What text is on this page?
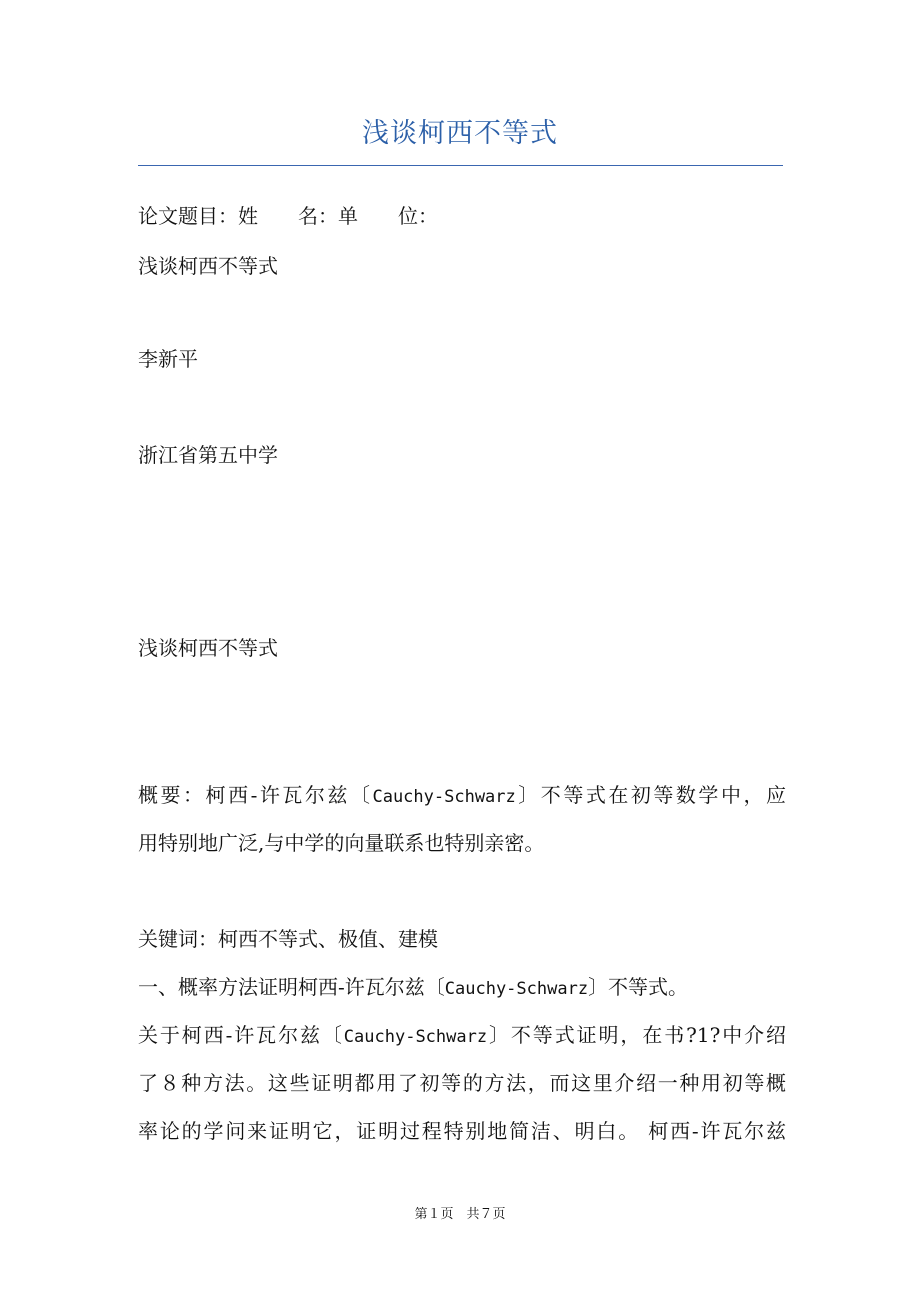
浅谈柯西不等式

论文题目：姓　　名：单　　位：

浅谈柯西不等式

李新平

浙江省第五中学

浅谈柯西不等式

概要：柯西-许瓦尔兹〔Cauchy-Schwarz〕不等式在初等数学中，应

用特别地广泛,与中学的向量联系也特别亲密。

关键词：柯西不等式、极值、建模

一、概率方法证明柯西-许瓦尔兹〔Cauchy-Schwarz〕不等式。

关于柯西-许瓦尔兹〔Cauchy-Schwarz〕不等式证明，在书?1?中介绍

了８种方法。这些证明都用了初等的方法，而这里介绍一种用初等概

率论的学问来证明它，证明过程特别地简洁、明白。 柯西-许瓦尔兹

第１页　共７页
